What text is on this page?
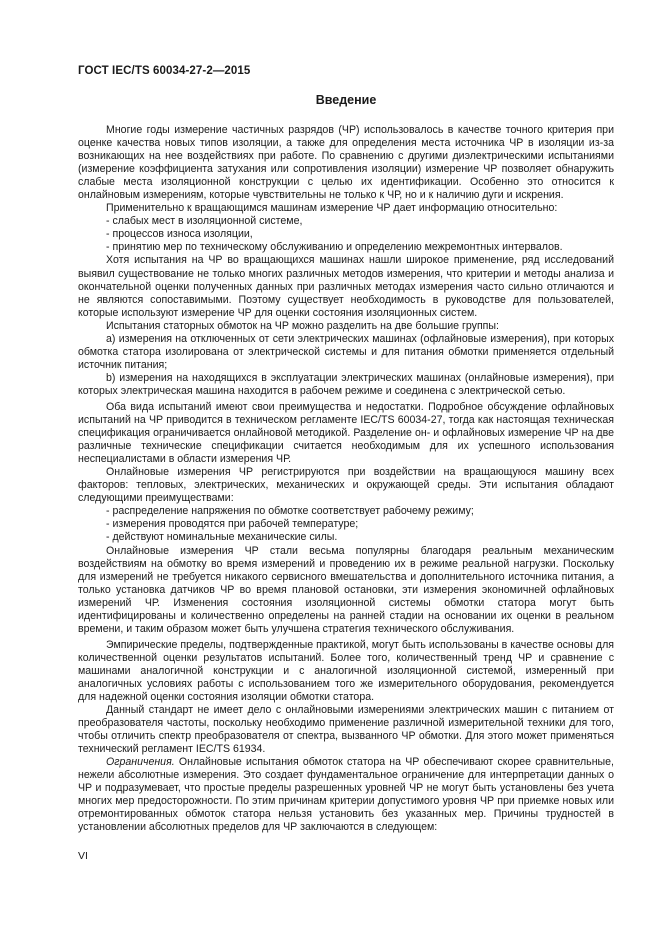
ГОСТ IEC/TS 60034-27-2—2015
Введение

Многие годы измерение частичных разрядов (ЧР) использовалось в качестве точного критерия при оценке качества новых типов изоляции, а также для определения места источника ЧР в изоляции из-за возникающих на нее воздействиях при работе. По сравнению с другими диэлектрическими испытаниями (измерение коэффициента затухания или сопротивления изоляции) измерение ЧР позволяет обнаружить слабые места изоляционной конструкции с целью их идентификации. Особенно это относится к онлайновым измерениям, которые чувствительны не только к ЧР, но и к наличию дуги и искрения.

Применительно к вращающимся машинам измерение ЧР дает информацию относительно:

- слабых мест в изоляционной системе,

- процессов износа изоляции,

- принятию мер по техническому обслуживанию и определению межремонтных интервалов.

Хотя испытания на ЧР во вращающихся машинах нашли широкое применение, ряд исследований выявил существование не только многих различных методов измерения, что критерии и методы анализа и окончательной оценки полученных данных при различных методах измерения часто сильно отличаются и не являются сопоставимыми. Поэтому существует необходимость в руководстве для пользователей, которые используют измерение ЧР для оценки состояния изоляционных систем.

Испытания статорных обмоток на ЧР можно разделить на две большие группы:

a) измерения на отключенных от сети электрических машинах (офлайновые измерения), при которых обмотка статора изолирована от электрической системы и для питания обмотки применяется отдельный источник питания;

b) измерения на находящихся в эксплуатации электрических машинах (онлайновые измерения), при которых электрическая машина находится в рабочем режиме и соединена с электрической сетью.

Оба вида испытаний имеют свои преимущества и недостатки. Подробное обсуждение офлайновых испытаний на ЧР приводится в техническом регламенте IEC/TS 60034-27, тогда как настоящая техническая спецификация ограничивается онлайновой методикой. Разделение он- и офлайновых измерение ЧР на две различные технические спецификации считается необходимым для их успешного использования неспециалистами в области измерения ЧР.

Онлайновые измерения ЧР регистрируются при воздействии на вращающуюся машину всех факторов: тепловых, электрических, механических и окружающей среды. Эти испытания обладают следующими преимуществами:

- распределение напряжения по обмотке соответствует рабочему режиму;

- измерения проводятся при рабочей температуре;

- действуют номинальные механические силы.

Онлайновые измерения ЧР стали весьма популярны благодаря реальным механическим воздействиям на обмотку во время измерений и проведению их в режиме реальной нагрузки. Поскольку для измерений не требуется никакого сервисного вмешательства и дополнительного источника питания, а только установка датчиков ЧР во время плановой остановки, эти измерения экономичней офлайновых измерений ЧР. Изменения состояния изоляционной системы обмотки статора могут быть идентифицированы и количественно определены на ранней стадии на основании их оценки в реальном времени, и таким образом может быть улучшена стратегия технического обслуживания.

Эмпирические пределы, подтвержденные практикой, могут быть использованы в качестве основы для количественной оценки результатов испытаний. Более того, количественный тренд ЧР и сравнение с машинами аналогичной конструкции и с аналогичной изоляционной системой, измеренный при аналогичных условиях работы с использованием того же измерительного оборудования, рекомендуется для надежной оценки состояния изоляции обмотки статора.

Данный стандарт не имеет дело с онлайновыми измерениями электрических машин с питанием от преобразователя частоты, поскольку необходимо применение различной измерительной техники для того, чтобы отличить спектр преобразователя от спектра, вызванного ЧР обмотки. Для этого может применяться технический регламент IEC/TS 61934.

Ограничения. Онлайновые испытания обмоток статора на ЧР обеспечивают скорее сравнительные, нежели абсолютные измерения. Это создает фундаментальное ограничение для интерпретации данных о ЧР и подразумевает, что простые пределы разрешенных уровней ЧР не могут быть установлены без учета многих мер предосторожности. По этим причинам критерии допустимого уровня ЧР при приемке новых или отремонтированных обмоток статора нельзя установить без указанных мер. Причины трудностей в установлении абсолютных пределов для ЧР заключаются в следующем:

VI
